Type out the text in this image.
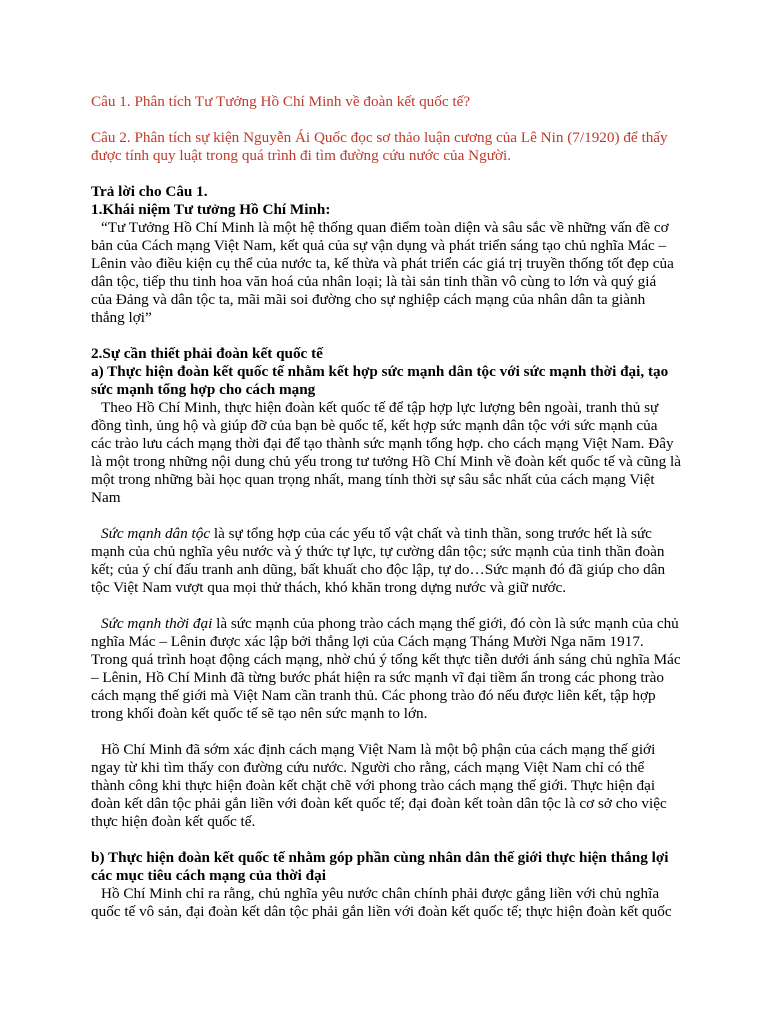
Câu 1. Phân tích Tư Tưởng Hồ Chí Minh về đoàn kết quốc tế?

Câu 2. Phân tích sự kiện Nguyễn Ái Quốc đọc sơ thảo luận cương của Lê Nin (7/1920) để thấy được tính quy luật trong quá trình đi tìm đường cứu nước của Người.

Trả lời cho Câu 1.

1.Khái niệm Tư tưởng Hồ Chí Minh:

“Tư Tưởng Hồ Chí Minh là một hệ thống quan điểm toàn diện và sâu sắc về những vấn đề cơ bản của Cách mạng Việt Nam, kết quả của sự vận dụng và phát triển sáng tạo chủ nghĩa Mác – Lênin vào điều kiện cụ thể của nước ta, kế thừa và phát triển các giá trị truyền thống tốt đẹp của dân tộc, tiếp thu tinh hoa văn hoá của nhân loại; là tài sản tinh thần vô cùng to lớn và quý giá của Đảng và dân tộc ta, mãi mãi soi đường cho sự nghiệp cách mạng của nhân dân ta giành thắng lợi”

2.Sự cần thiết phải đoàn kết quốc tế

a) Thực hiện đoàn kết quốc tế nhằm kết hợp sức mạnh dân tộc với sức mạnh thời đại, tạo sức mạnh tổng hợp cho cách mạng

Theo Hồ Chí Minh, thực hiện đoàn kết quốc tế để tập hợp lực lượng bên ngoài, tranh thủ sự đồng tình, ủng hộ và giúp đỡ của bạn bè quốc tế, kết hợp sức mạnh dân tộc với sức mạnh của các trào lưu cách mạng thời đại để tạo thành sức mạnh tổng hợp. cho cách mạng Việt Nam. Đây là một trong những nội dung chủ yếu trong tư tưởng Hồ Chí Minh về đoàn kết quốc tế và cũng là một trong những bài học quan trọng nhất, mang tính thời sự sâu sắc nhất của cách mạng Việt Nam

Sức mạnh dân tộc là sự tổng hợp của các yếu tố vật chất và tinh thần, song trước hết là sức mạnh của chủ nghĩa yêu nước và ý thức tự lực, tự cường dân tộc; sức mạnh của tinh thần đoàn kết; của ý chí đấu tranh anh dũng, bất khuất cho độc lập, tự do…Sức mạnh đó đã giúp cho dân tộc Việt Nam vượt qua mọi thử thách, khó khăn trong dựng nước và giữ nước.

Sức mạnh thời đại là sức mạnh của phong trào cách mạng thế giới, đó còn là sức mạnh của chủ nghĩa Mác – Lênin được xác lập bởi thắng lợi của Cách mạng Tháng Mười Nga năm 1917. Trong quá trình hoạt động cách mạng, nhờ chú ý tổng kết thực tiễn dưới ánh sáng chủ nghĩa Mác – Lênin, Hồ Chí Minh đã từng bước phát hiện ra sức mạnh vĩ đại tiềm ẩn trong các phong trào cách mạng thế giới mà Việt Nam cần tranh thủ. Các phong trào đó nếu được liên kết, tập hợp trong khối đoàn kết quốc tế sẽ tạo nên sức mạnh to lớn.

Hồ Chí Minh đã sớm xác định cách mạng Việt Nam là một bộ phận của cách mạng thế giới ngay từ khi tìm thấy con đường cứu nước. Người cho rằng, cách mạng Việt Nam chỉ có thể thành công khi thực hiện đoàn kết chặt chẽ với phong trào cách mạng thế giới. Thực hiện đại đoàn kết dân tộc phải gắn liền với đoàn kết quốc tế; đại đoàn kết toàn dân tộc là cơ sở cho việc thực hiện đoàn kết quốc tế.

b) Thực hiện đoàn kết quốc tế nhằm góp phần cùng nhân dân thế giới thực hiện thắng lợi các mục tiêu cách mạng của thời đại

Hồ Chí Minh chỉ ra rằng, chủ nghĩa yêu nước chân chính phải được gắng liền với chủ nghĩa quốc tế vô sản, đại đoàn kết dân tộc phải gắn liền với đoàn kết quốc tế; thực hiện đoàn kết quốc
